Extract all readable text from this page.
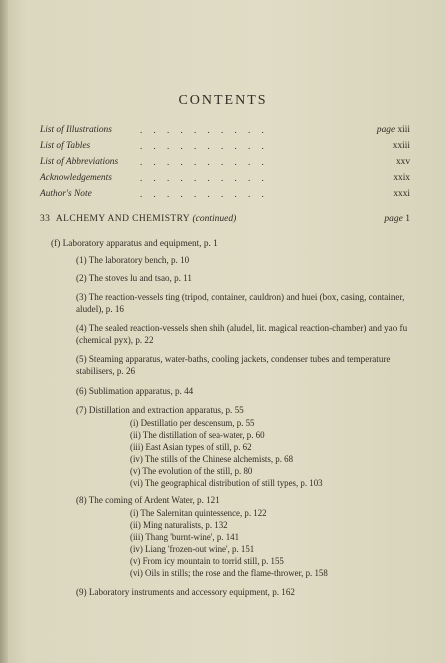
CONTENTS
List of Illustrations	.     .     .     .     .     .     .     .     .     .	page xiii
List of Tables	.     .     .     .     .     .     .     .     .     .	xxiii
List of Abbreviations .     .     .     .     .     .     .     .     .     .	xxv
Acknowledgements	.     .     .     .     .     .     .     .     .     .	xxix
Author's Note	.     .     .     .     .     .     .     .     .     .	xxxi
33 ALCHEMY AND CHEMISTRY (continued)	page 1
(f) Laboratory apparatus and equipment, p. 1
(1) The laboratory bench, p. 10
(2) The stoves lu and tsao, p. 11
(3) The reaction-vessels ting (tripod, container, cauldron) and huei (box, casing, container, aludel), p. 16
(4) The sealed reaction-vessels shen shih (aludel, lit. magical reaction-chamber) and yao fu (chemical pyx), p. 22
(5) Steaming apparatus, water-baths, cooling jackets, condenser tubes and temperature stabilisers, p. 26
(6) Sublimation apparatus, p. 44
(7) Distillation and extraction apparatus, p. 55
(i) Destillatio per descensum, p. 55
(ii) The distillation of sea-water, p. 60
(iii) East Asian types of still, p. 62
(iv) The stills of the Chinese alchemists, p. 68
(v) The evolution of the still, p. 80
(vi) The geographical distribution of still types, p. 103
(8) The coming of Ardent Water, p. 121
(i) The Salernitan quintessence, p. 122
(ii) Ming naturalists, p. 132
(iii) Thang 'burnt-wine', p. 141
(iv) Liang 'frozen-out wine', p. 151
(v) From icy mountain to torrid still, p. 155
(vi) Oils in stills; the rose and the flame-thrower, p. 158
(9) Laboratory instruments and accessory equipment, p. 162
